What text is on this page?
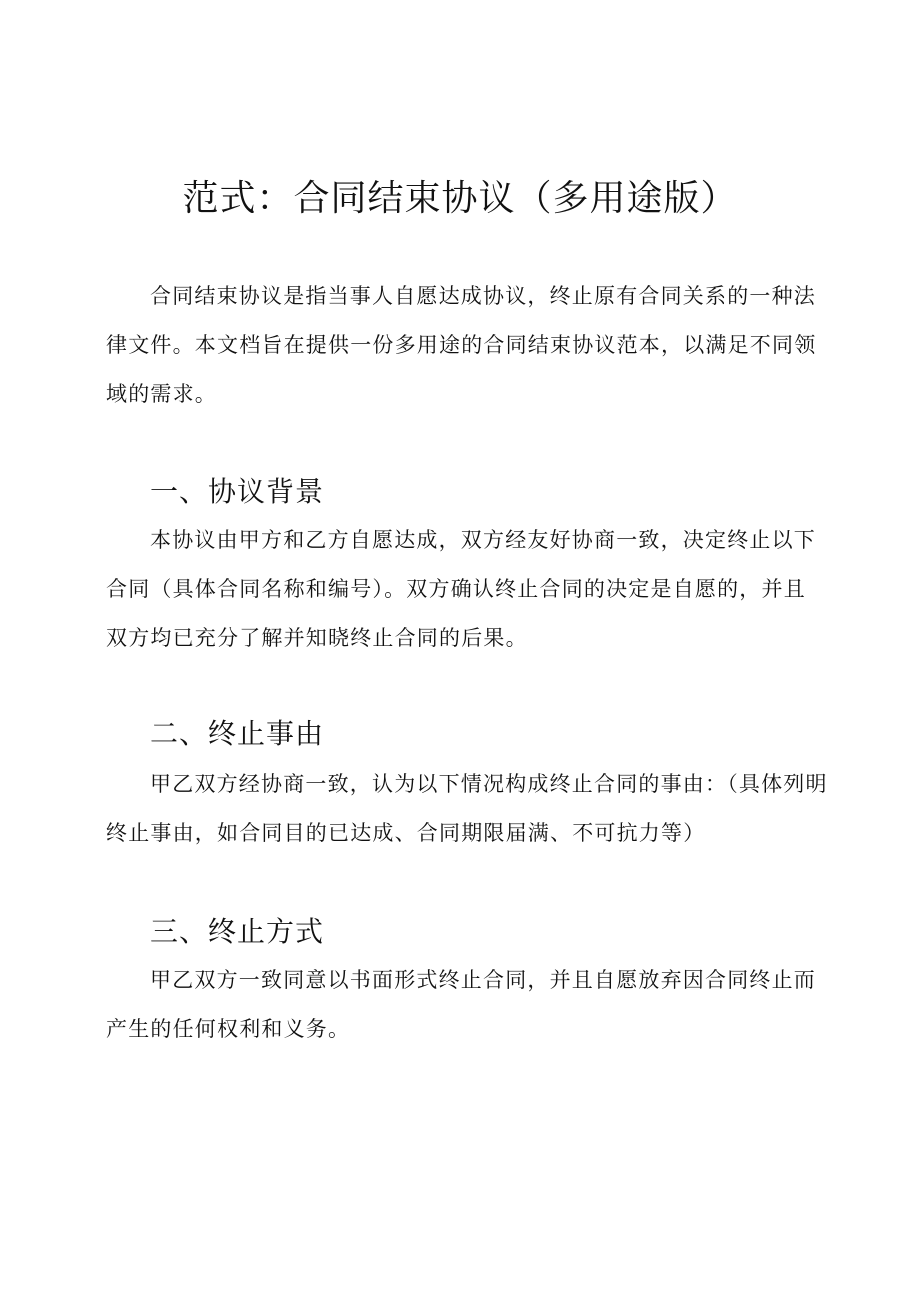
范式：合同结束协议（多用途版）

合同结束协议是指当事人自愿达成协议，终止原有合同关系的一种法律文件。本文档旨在提供一份多用途的合同结束协议范本，以满足不同领域的需求。

一、协议背景

本协议由甲方和乙方自愿达成，双方经友好协商一致，决定终止以下合同（具体合同名称和编号）。双方确认终止合同的决定是自愿的，并且双方均已充分了解并知晓终止合同的后果。

二、终止事由

甲乙双方经协商一致，认为以下情况构成终止合同的事由：（具体列明终止事由，如合同目的已达成、合同期限届满、不可抗力等）

三、终止方式

甲乙双方一致同意以书面形式终止合同，并且自愿放弃因合同终止而产生的任何权利和义务。
